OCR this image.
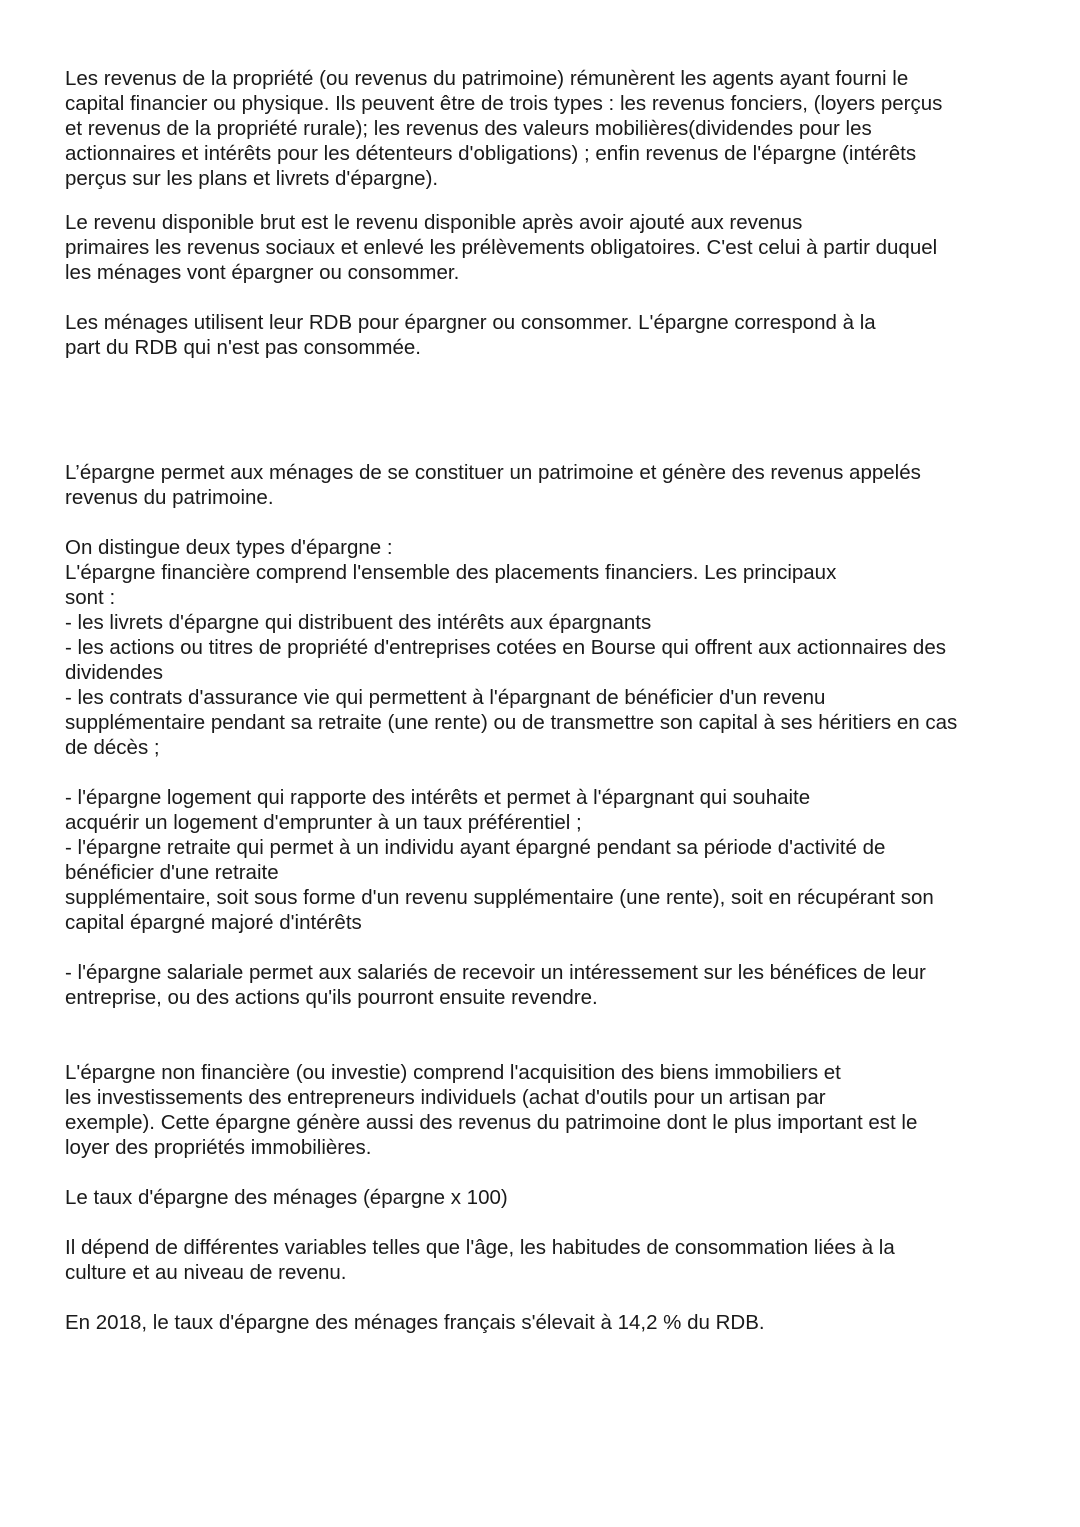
Les revenus de la propriété (ou revenus du patrimoine) rémunèrent les agents ayant fourni le

capital financier ou physique. Ils peuvent être de trois types : les revenus fonciers, (loyers perçus

et revenus de la propriété rurale); les revenus des valeurs mobilières(dividendes pour les

actionnaires et intérêts pour les détenteurs d'obligations) ; enfin revenus de l'épargne (intérêts

perçus sur les plans et livrets d'épargne).

Le revenu disponible brut est le revenu disponible après avoir ajouté aux revenus

primaires les revenus sociaux et enlevé les prélèvements obligatoires. C'est celui à partir duquel

les ménages vont épargner ou consommer.

Les ménages utilisent leur RDB pour épargner ou consommer. L'épargne correspond à la

part du RDB qui n'est pas consommée.

L’épargne permet aux ménages de se constituer un patrimoine et génère des revenus appelés

revenus du patrimoine.

On distingue deux types d'épargne :

L'épargne financière comprend l'ensemble des placements financiers. Les principaux

sont :

- les livrets d'épargne qui distribuent des intérêts aux épargnants

- les actions ou titres de propriété d'entreprises cotées en Bourse qui offrent aux actionnaires des

dividendes

- les contrats d'assurance vie qui permettent à l'épargnant de bénéficier d'un revenu

supplémentaire pendant sa retraite (une rente) ou de transmettre son capital à ses héritiers en cas

de décès ;

- l'épargne logement qui rapporte des intérêts et permet à l'épargnant qui souhaite

acquérir un logement d'emprunter à un taux préférentiel ;

- l'épargne retraite qui permet à un individu ayant épargné pendant sa période d'activité de

bénéficier d'une retraite

supplémentaire, soit sous forme d'un revenu supplémentaire (une rente), soit en récupérant son

capital épargné majoré d'intérêts

- l'épargne salariale permet aux salariés de recevoir un intéressement sur les bénéfices de leur

entreprise, ou des actions qu'ils pourront ensuite revendre.

L'épargne non financière (ou investie) comprend l'acquisition des biens immobiliers et

les investissements des entrepreneurs individuels (achat d'outils pour un artisan par

exemple). Cette épargne génère aussi des revenus du patrimoine dont le plus important est le

loyer des propriétés immobilières.

Le taux d'épargne des ménages (épargne x 100)

Il dépend de différentes variables telles que l'âge, les habitudes de consommation liées à la

culture et au niveau de revenu.

En 2018, le taux d'épargne des ménages français s'élevait à 14,2 % du RDB.
